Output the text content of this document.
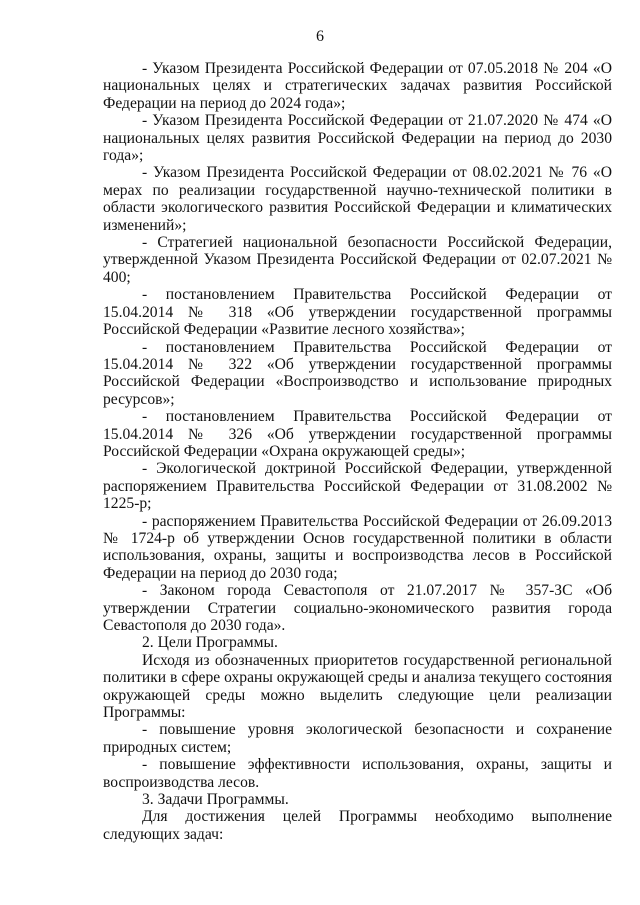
6

- Указом Президента Российской Федерации от 07.05.2018 № 204 «О национальных целях и стратегических задачах развития Российской Федерации на период до 2024 года»;

- Указом Президента Российской Федерации от 21.07.2020 № 474 «О национальных целях развития Российской Федерации на период до 2030 года»;

- Указом Президента Российской Федерации от 08.02.2021 № 76 «О мерах по реализации государственной научно-технической политики в области экологического развития Российской Федерации и климатических изменений»;

- Стратегией национальной безопасности Российской Федерации, утвержденной Указом Президента Российской Федерации от 02.07.2021 № 400;

- постановлением Правительства Российской Федерации от 15.04.2014 № 318 «Об утверждении государственной программы Российской Федерации «Развитие лесного хозяйства»;

- постановлением Правительства Российской Федерации от 15.04.2014 № 322 «Об утверждении государственной программы Российской Федерации «Воспроизводство и использование природных ресурсов»;

- постановлением Правительства Российской Федерации от 15.04.2014 № 326 «Об утверждении государственной программы Российской Федерации «Охрана окружающей среды»;

- Экологической доктриной Российской Федерации, утвержденной распоряжением Правительства Российской Федерации от 31.08.2002 № 1225-р;

- распоряжением Правительства Российской Федерации от 26.09.2013 № 1724-р об утверждении Основ государственной политики в области использования, охраны, защиты и воспроизводства лесов в Российской Федерации на период до 2030 года;

- Законом города Севастополя от 21.07.2017 № 357-ЗС «Об утверждении Стратегии социально-экономического развития города Севастополя до 2030 года».

2. Цели Программы.

Исходя из обозначенных приоритетов государственной региональной политики в сфере охраны окружающей среды и анализа текущего состояния окружающей среды можно выделить следующие цели реализации Программы:

- повышение уровня экологической безопасности и сохранение природных систем;

- повышение эффективности использования, охраны, защиты и воспроизводства лесов.

3. Задачи Программы.

Для достижения целей Программы необходимо выполнение следующих задач:
